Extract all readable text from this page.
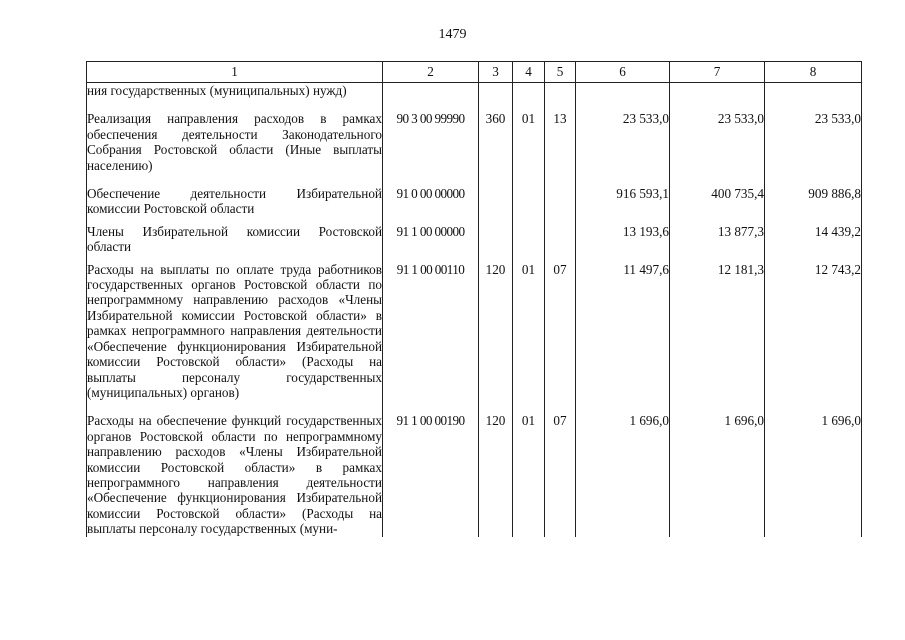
1479
1	2	3	4	5	6	7	8

ния государственных (муниципальных) нужд)							

Реализация направления расходов в рамках обеспечения деятельности Законодательного Собрания Ростовской области (Иные выплаты населению)	90 3 00 99990	360	01	13	23 533,0	23 533,0	23 533,0

Обеспечение деятельности Избирательной комиссии Ростовской области	91 0 00 00000				916 593,1	400 735,4	909 886,8

Члены Избирательной комиссии Ростовской области	91 1 00 00000				13 193,6	13 877,3	14 439,2

Расходы на выплаты по оплате труда работников государственных органов Ростовской области по непрограммному направлению расходов «Члены Избирательной комиссии Ростовской области» в рамках непрограммного направления деятельности «Обеспечение функционирования Избирательной комиссии Ростовской области» (Расходы на выплаты персоналу государственных (муниципальных) органов)	91 1 00 00110	120	01	07	11 497,6	12 181,3	12 743,2

Расходы на обеспечение функций государственных органов Ростовской области по непрограммному направлению расходов «Члены Избирательной комиссии Ростовской области» в рамках непрограммного направления деятельности «Обеспечение функционирования Избирательной комиссии Ростовской области» (Расходы на выплаты персоналу государственных (муни-	91 1 00 00190	120	01	07	1 696,0	1 696,0	1 696,0
